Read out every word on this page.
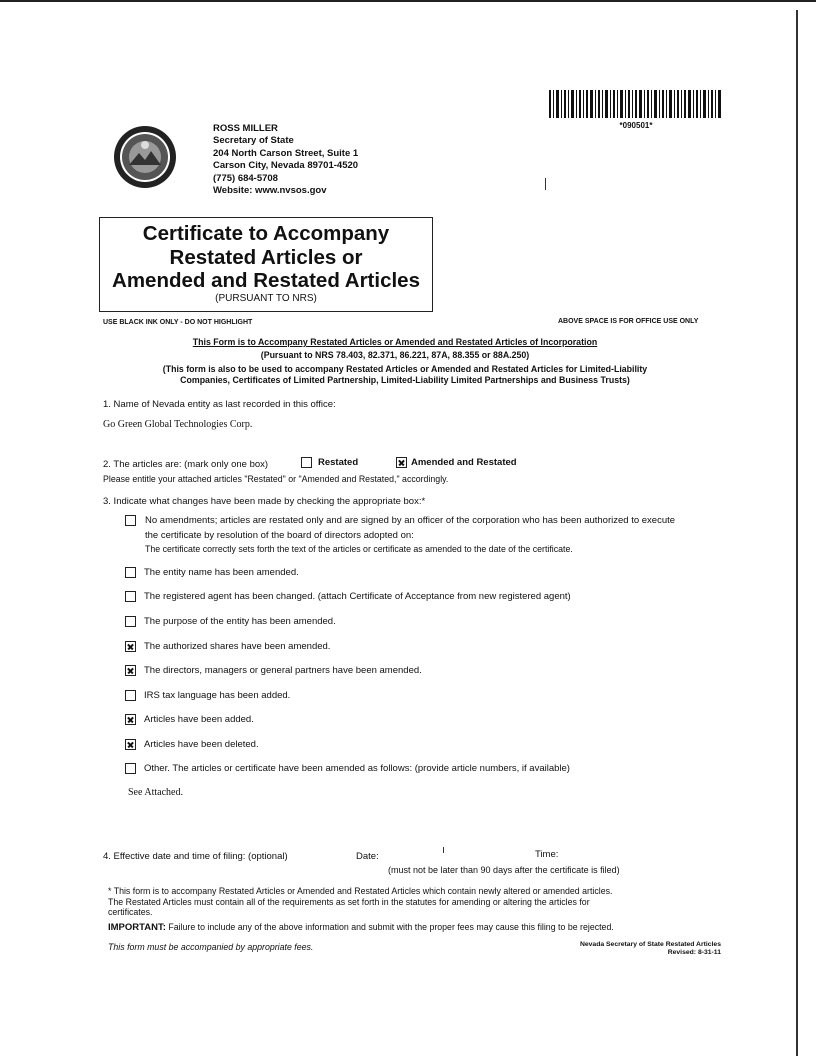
*090501*
ROSS MILLER
Secretary of State
204 North Carson Street, Suite 1
Carson City, Nevada 89701-4520
(775) 684-5708
Website: www.nvsos.gov
Certificate to Accompany
Restated Articles or
Amended and Restated Articles
(PURSUANT TO NRS)
USE BLACK INK ONLY - DO NOT HIGHLIGHT	ABOVE SPACE IS FOR OFFICE USE ONLY
This Form is to Accompany Restated Articles or Amended and Restated Articles of Incorporation
(Pursuant to NRS 78.403, 82.371, 86.221, 87A, 88.355 or 88A.250)
(This form is also to be used to accompany Restated Articles or Amended and Restated Articles for Limited-Liability
Companies, Certificates of Limited Partnership, Limited-Liability Limited Partnerships and Business Trusts)
1. Name of Nevada entity as last recorded in this office:
Go Green Global Technologies Corp.
2. The articles are: (mark only one box)	Restated	Amended and Restated
Please entitle your attached articles "Restated" or "Amended and Restated," accordingly.
3. Indicate what changes have been made by checking the appropriate box:*
No amendments; articles are restated only and are signed by an officer of the corporation who has been authorized to execute
the certificate by resolution of the board of directors adopted on:
The certificate correctly sets forth the text of the articles or certificate as amended to the date of the certificate.
The entity name has been amended.
The registered agent has been changed. (attach Certificate of Acceptance from new registered agent)
The purpose of the entity has been amended.
The authorized shares have been amended.
The directors, managers or general partners have been amended.
IRS tax language has been added.
Articles have been added.
Articles have been deleted.
Other. The articles or certificate have been amended as follows: (provide article numbers, if available)
See Attached.
4. Effective date and time of filing: (optional)	Date:	Time:
(must not be later than 90 days after the certificate is filed)
* This form is to accompany Restated Articles or Amended and Restated Articles which contain newly altered or amended articles.
The Restated Articles must contain all of the requirements as set forth in the statutes for amending or altering the articles for
certificates.
IMPORTANT: Failure to include any of the above information and submit with the proper fees may cause this filing to be rejected.
This form must be accompanied by appropriate fees.	Nevada Secretary of State Restated Articles
Revised: 8-31-11
